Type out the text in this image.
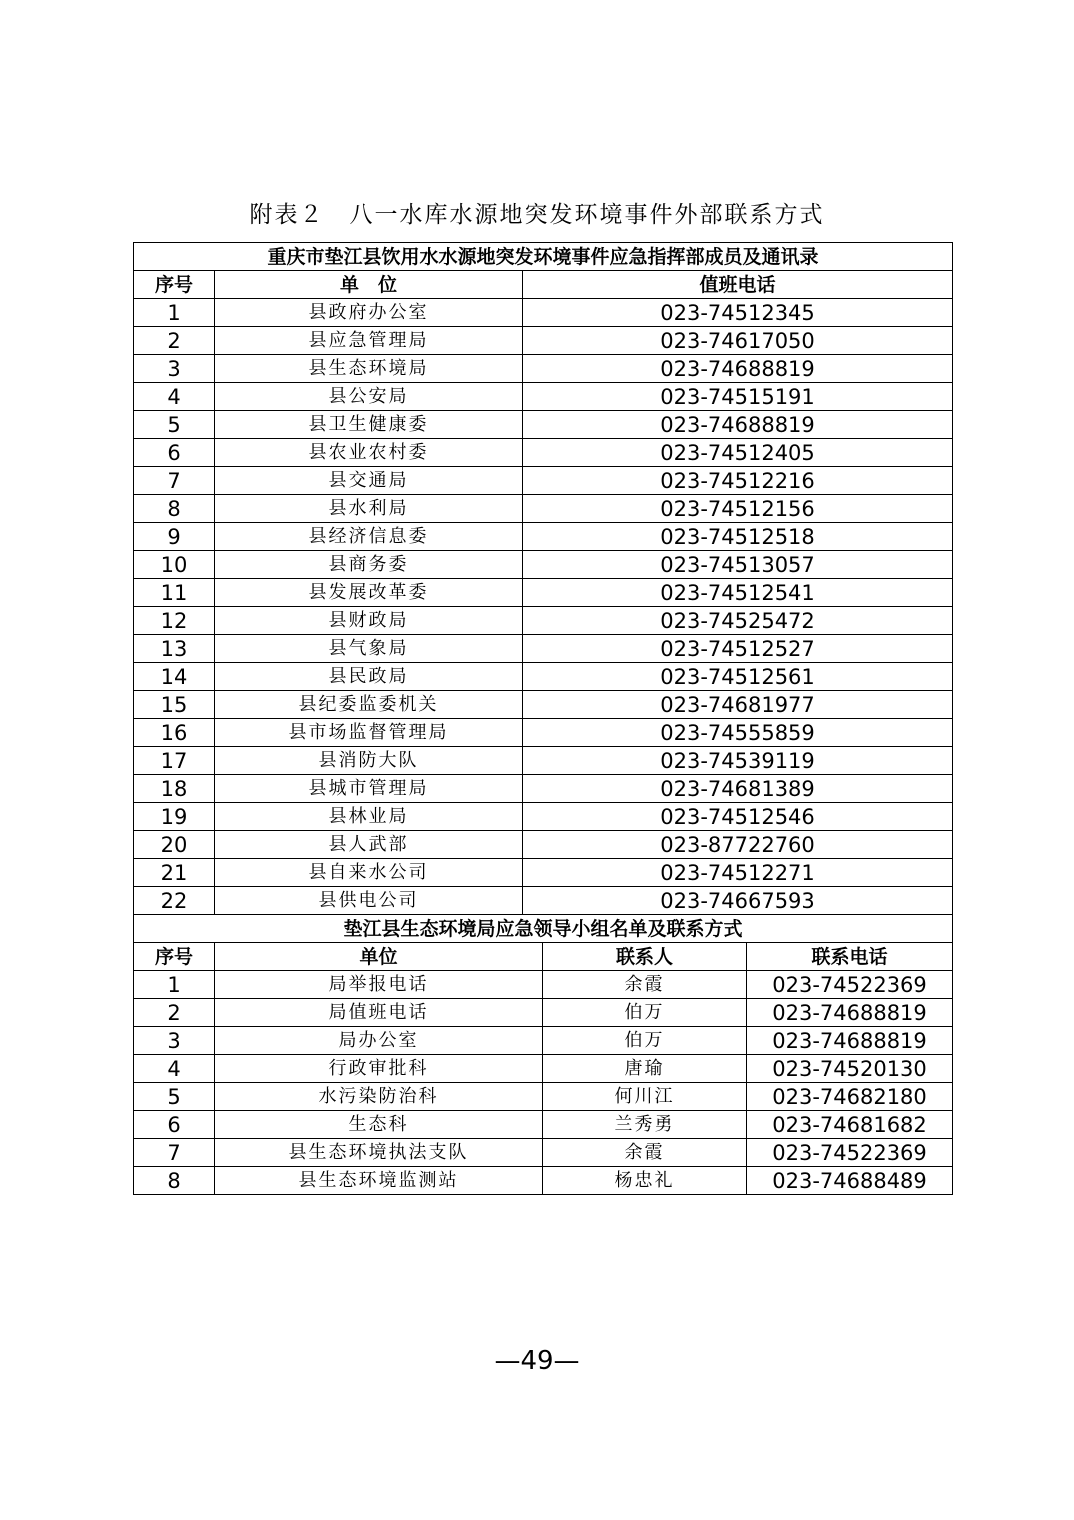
附表２　八一水库水源地突发环境事件外部联系方式
重庆市垫江县饮用水水源地突发环境事件应急指挥部成员及通讯录		
序号	单　位	值班电话
1	县政府办公室	023-74512345
2	县应急管理局	023-74617050
3	县生态环境局	023-74688819
4	县公安局	023-74515191
5	县卫生健康委	023-74688819
6	县农业农村委	023-74512405
7	县交通局	023-74512216
8	县水利局	023-74512156
9	县经济信息委	023-74512518
10	县商务委	023-74513057
11	县发展改革委	023-74512541
12	县财政局	023-74525472
13	县气象局	023-74512527
14	县民政局	023-74512561
15	县纪委监委机关	023-74681977
16	县市场监督管理局	023-74555859
17	县消防大队	023-74539119
18	县城市管理局	023-74681389
19	县林业局	023-74512546
20	县人武部	023-87722760
21	县自来水公司	023-74512271
22	县供电公司	023-74667593
垫江县生态环境局应急领导小组名单及联系方式			
序号	单位	联系人	联系电话
1	局举报电话	余霞	023-74522369
2	局值班电话	伯万	023-74688819
3	局办公室	伯万	023-74688819
4	行政审批科	唐瑜	023-74520130
5	水污染防治科	何川江	023-74682180
6	生态科	兰秀勇	023-74681682
7	县生态环境执法支队	余霞	023-74522369
8	县生态环境监测站	杨忠礼	023-74688489
—49—
